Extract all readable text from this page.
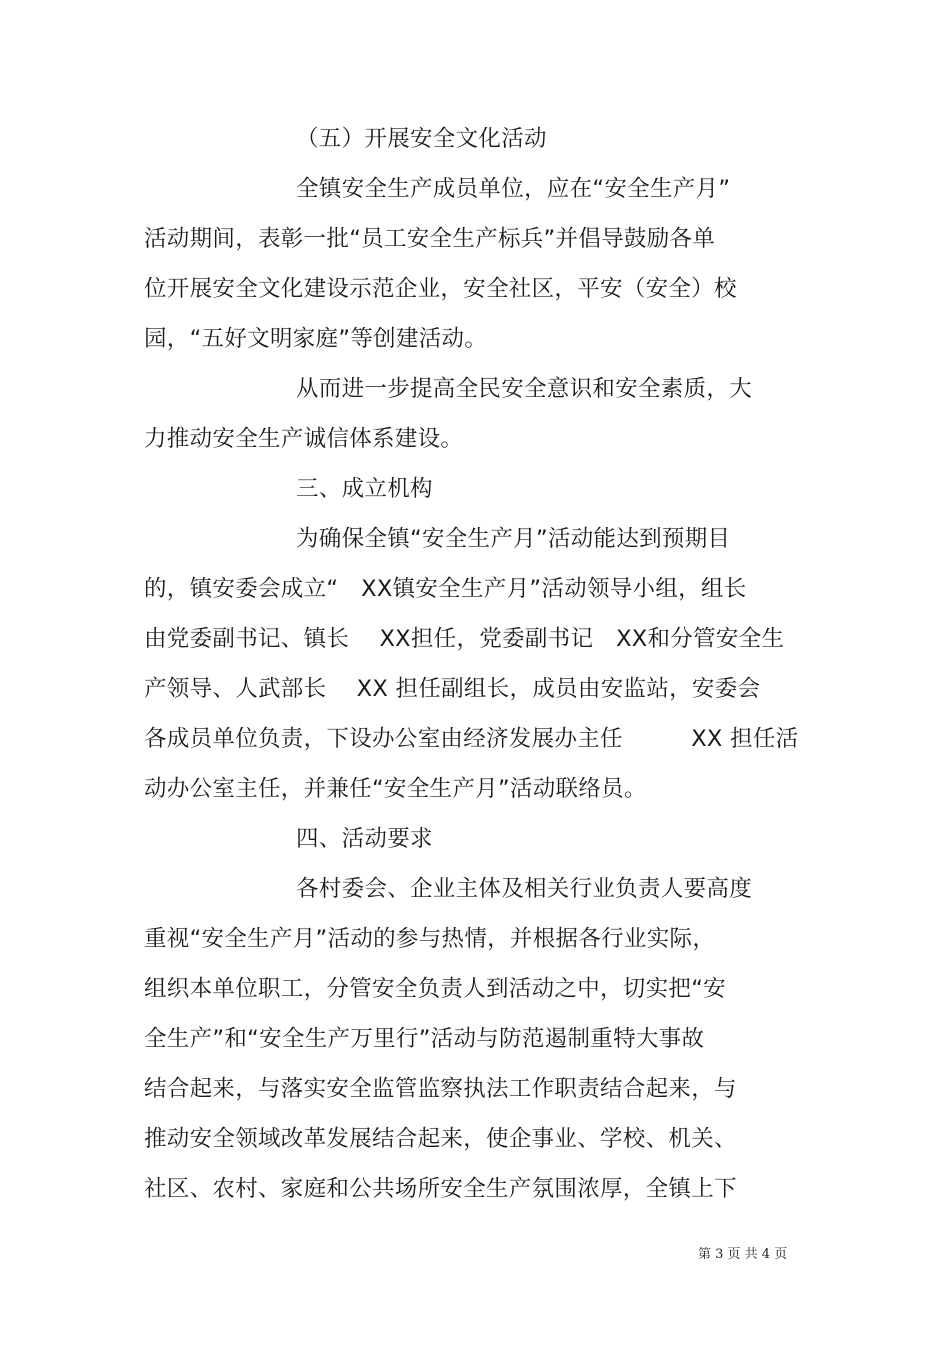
（五）开展安全文化活动
全镇安全生产成员单位，应在“安全生产月”
活动期间，表彰一批“员工安全生产标兵”并倡导鼓励各单
位开展安全文化建设示范企业，安全社区，平安（安全）校
园，“五好文明家庭”等创建活动。
从而进一步提高全民安全意识和安全素质，大
力推动安全生产诚信体系建设。
三、成立机构
为确保全镇“安全生产月”活动能达到预期目
的，镇安委会成立“　XX镇安全生产月”活动领导小组，组长
由党委副书记、镇长　 XX担任，党委副书记　XX和分管安全生
产领导、人武部长　 XX 担任副组长，成员由安监站，安委会
各成员单位负责，下设办公室由经济发展办主任　　　XX 担任活
动办公室主任，并兼任“安全生产月”活动联络员。
四、活动要求
各村委会、企业主体及相关行业负责人要高度
重视“安全生产月”活动的参与热情，并根据各行业实际，
组织本单位职工，分管安全负责人到活动之中，切实把“安
全生产”和“安全生产万里行”活动与防范遏制重特大事故
结合起来，与落实安全监管监察执法工作职责结合起来，与
推动安全领域改革发展结合起来，使企事业、学校、机关、
社区、农村、家庭和公共场所安全生产氛围浓厚，全镇上下
第 3 页 共 4 页
